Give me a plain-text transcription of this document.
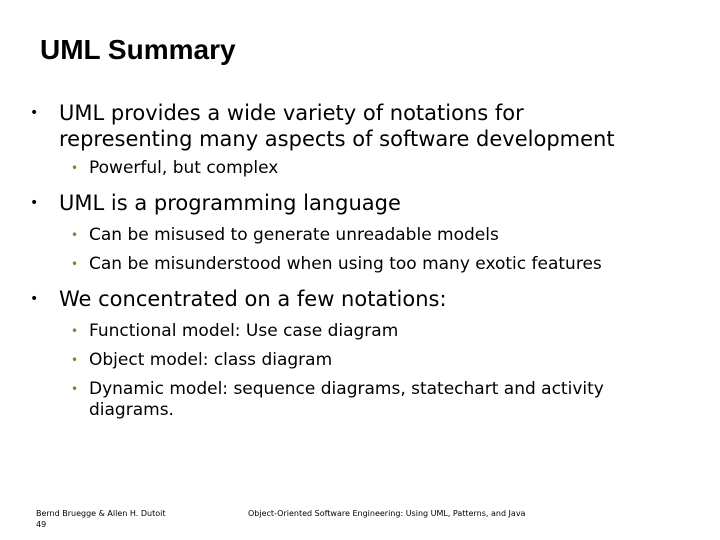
UML Summary
• UML provides a wide variety of notations for representing many aspects of software development
• Powerful, but complex
• UML is a programming language
• Can be misused to generate unreadable models
• Can be misunderstood when using too many exotic features
• We concentrated on a few notations:
• Functional model: Use case diagram
• Object model: class diagram
• Dynamic model: sequence diagrams, statechart and activity diagrams.
Bernd Bruegge & Allen H. Dutoit
49
Object-Oriented Software Engineering: Using UML, Patterns, and Java
